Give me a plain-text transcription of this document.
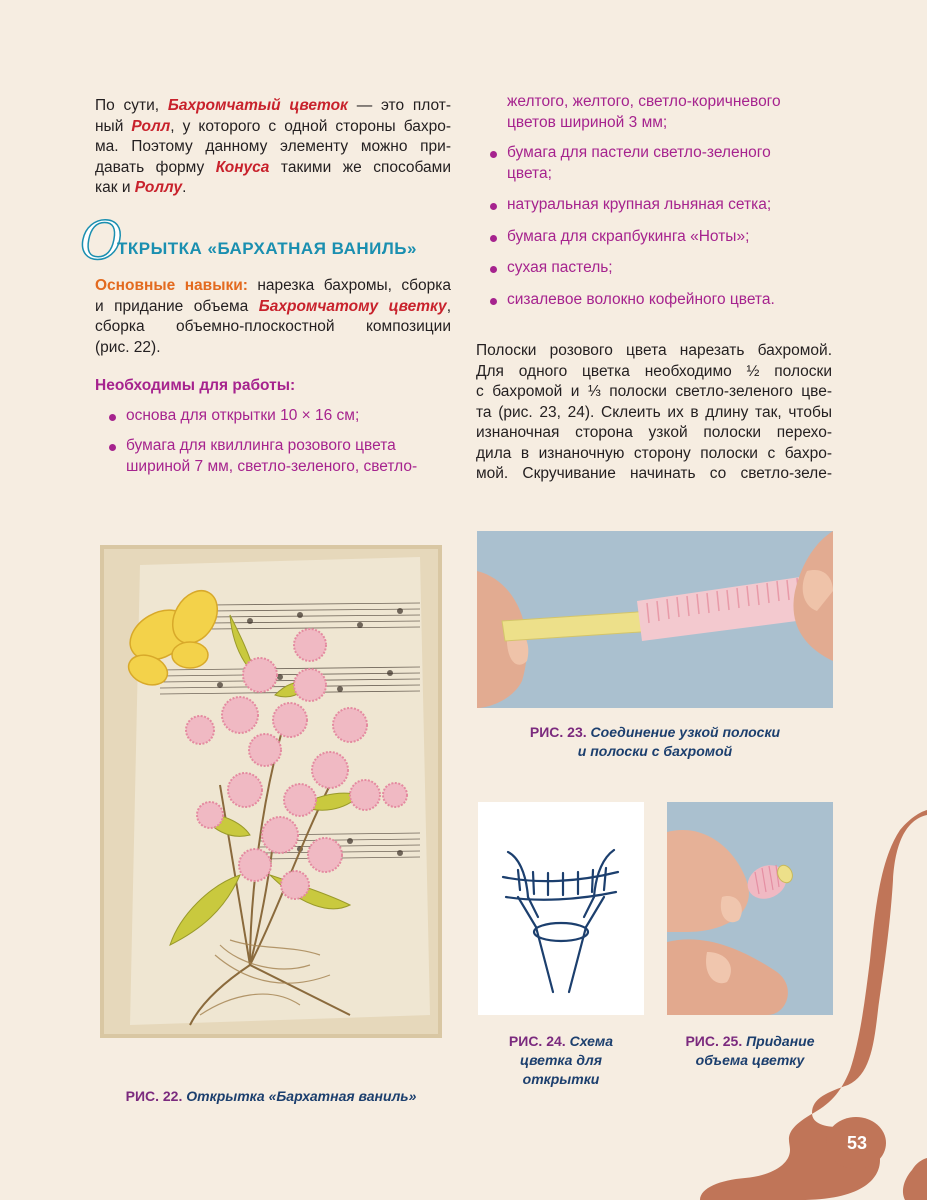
По сути, Бахромчатый цветок — это плот-
ный Ролл, у которого с одной стороны бахро-
ма. Поэтому данному элементу можно при-
давать форму Конуса такими же способами
как и Роллу.
О
ТКРЫТКА «БАРХАТНАЯ ВАНИЛЬ»
Основные навыки: нарезка бахромы, сборка
и придание объема Бахромчатому цветку,
сборка объемно-плоскостной композиции
(рис. 22).
Необходимы для работы:
основа для открытки 10 × 16 см;
бумага для квиллинга розового цвета
шириной 7 мм, светло-зеленого, светло-
желтого, желтого, светло-коричневого
цветов шириной 3 мм;
бумага для пастели светло-зеленого
цвета;
натуральная крупная льняная сетка;
бумага для скрапбукинга «Ноты»;
сухая пастель;
сизалевое волокно кофейного цвета.
Полоски розового цвета нарезать бахромой.
Для одного цветка необходимо ½ полоски
с бахромой и ⅓ полоски светло-зеленого цве-
та (рис. 23, 24). Склеить их в длину так, чтобы
изнаночная сторона узкой полоски перехо-
дила в изнаночную сторону полоски с бахро-
мой. Скручивание начинать со светло-зеле-
РИС. 23. Соединение узкой полоски
и полоски с бахромой
РИС. 24. Схема
цветка для
открытки
РИС. 25. Придание
объема цветку
РИС. 22. Открытка «Бархатная ваниль»
53
